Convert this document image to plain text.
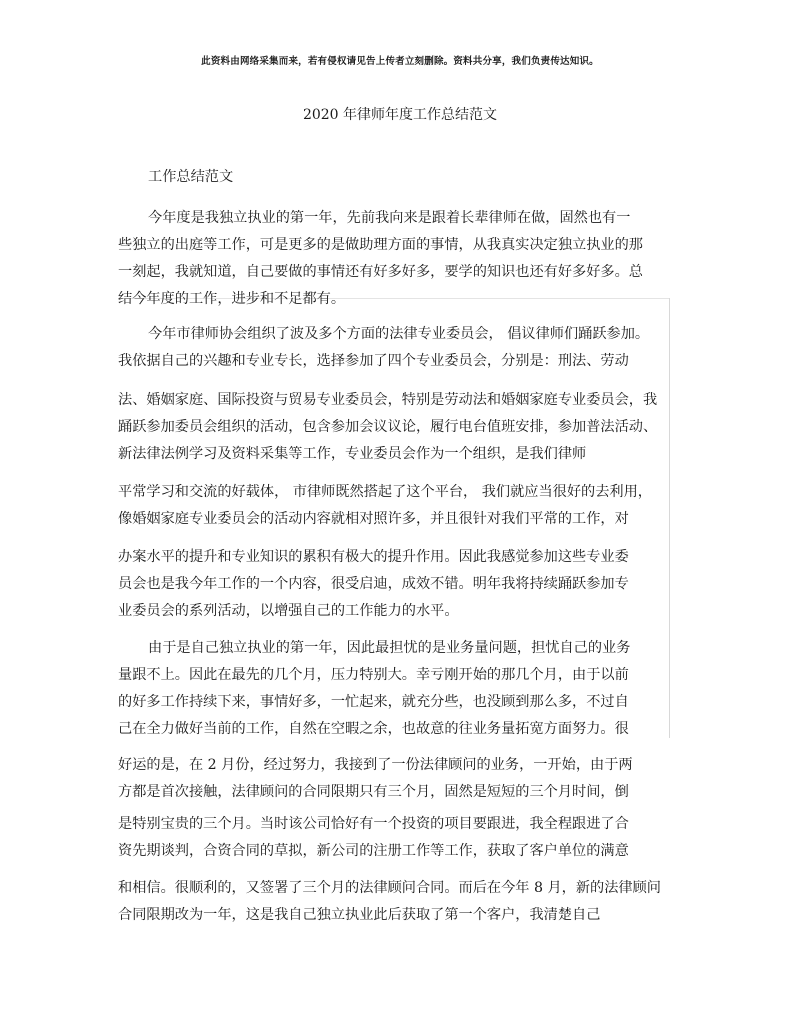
此资料由网络采集而来，若有侵权请见告上传者立刻删除。资料共分享，我们负责传达知识。
2020 年律师年度工作总结范文
工作总结范文
今年度是我独立执业的第一年，先前我向来是跟着长辈律师在做，固然也有一
些独立的出庭等工作，可是更多的是做助理方面的事情，从我真实决定独立执业的那
一刻起，我就知道，自己要做的事情还有好多好多，要学的知识也还有好多好多。总
结今年度的工作，进步和不足都有。
今年市律师协会组织了波及多个方面的法律专业委员会， 倡议律师们踊跃参加。
我依据自己的兴趣和专业专长，选择参加了四个专业委员会，分别是：刑法、劳动
法、婚姻家庭、国际投资与贸易专业委员会，特别是劳动法和婚姻家庭专业委员会，我
踊跃参加委员会组织的活动，包含参加会议议论，履行电台值班安排，参加普法活动、
新法律法例学习及资料采集等工作，专业委员会作为一个组织，是我们律师
平常学习和交流的好载体， 市律师既然搭起了这个平台， 我们就应当很好的去利用，
像婚姻家庭专业委员会的活动内容就相对照许多，并且很针对我们平常的工作，对
办案水平的提升和专业知识的累积有极大的提升作用。因此我感觉参加这些专业委
员会也是我今年工作的一个内容，很受启迪，成效不错。明年我将持续踊跃参加专
业委员会的系列活动，以增强自己的工作能力的水平。
由于是自己独立执业的第一年，因此最担忧的是业务量问题，担忧自己的业务
量跟不上。因此在最先的几个月，压力特别大。幸亏刚开始的那几个月，由于以前
的好多工作持续下来，事情好多，一忙起来，就充分些，也没顾到那么多，不过自
己在全力做好当前的工作，自然在空暇之余，也故意的往业务量拓宽方面努力。很
好运的是，在 2 月份，经过努力，我接到了一份法律顾问的业务，一开始，由于两
方都是首次接触，法律顾问的合同限期只有三个月，固然是短短的三个月时间，倒
是特别宝贵的三个月。当时该公司恰好有一个投资的项目要跟进，我全程跟进了合
资先期谈判，合资合同的草拟，新公司的注册工作等工作，获取了客户单位的满意
和相信。很顺利的，又签署了三个月的法律顾问合同。而后在今年 8 月，新的法律顾问
合同限期改为一年，这是我自己独立执业此后获取了第一个客户，我清楚自己
